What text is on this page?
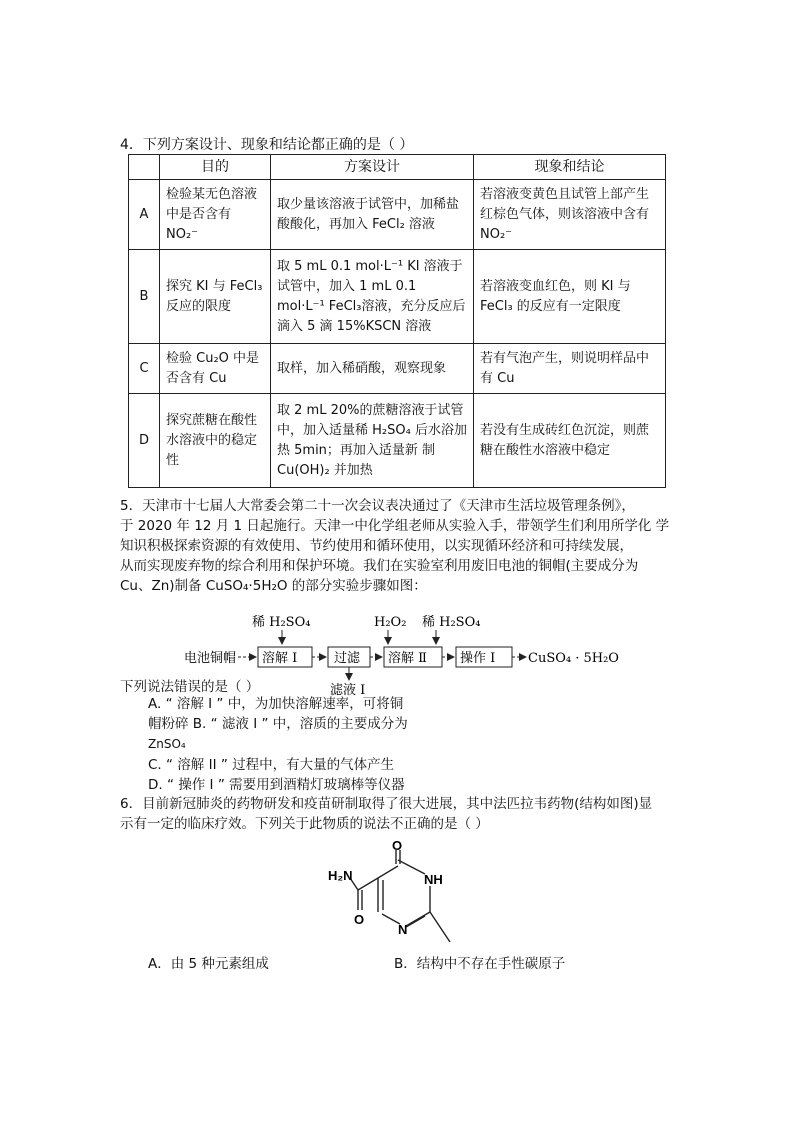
4．下列方案设计、现象和结论都正确的是（ ）
	目的	方案设计	现象和结论
A	检验某无色溶液中是否含有 NO₂⁻	取少量该溶液于试管中，加稀盐酸酸化，再加入 FeCl₂ 溶液	若溶液变黄色且试管上部产生红棕色气体，则该溶液中含有 NO₂⁻
B	探究 KI 与 FeCl₃ 反应的限度	取 5 mL 0.1 mol·L⁻¹ KI 溶液于试管中，加入 1 mL 0.1 mol·L⁻¹ FeCl₃溶液，充分反应后滴入 5 滴 15%KSCN 溶液	若溶液变血红色，则 KI 与 FeCl₃ 的反应有一定限度
C	检验 Cu₂O 中是否含有 Cu	取样，加入稀硝酸，观察现象	若有气泡产生，则说明样品中有 Cu
D	探究蔗糖在酸性水溶液中的稳定性	取 2 mL 20%的蔗糖溶液于试管中，加入适量稀 H₂SO₄ 后水浴加热 5min；再加入适量新 制 Cu(OH)₂ 并加热	若没有生成砖红色沉淀，则蔗糖在酸性水溶液中稳定
5．天津市十七届人大常委会第二十一次会议表决通过了《天津市生活垃圾管理条例》，
于 2020 年 12 月 1 日起施行。天津一中化学组老师从实验入手，带领学生们利用所学化 学
知识积极探索资源的有效使用、节约使用和循环使用，以实现循环经济和可持续发展，
从而实现废弃物的综合利用和保护环境。我们在实验室利用废旧电池的铜帽(主要成分为
Cu、Zn)制备 CuSO₄·5H₂O 的部分实验步骤如图：
稀 H₂SO₄	H₂O₂ 稀 H₂SO₄
电池铜帽 溶解 Ⅰ	过滤 溶解 Ⅱ	操作 Ⅰ	CuSO₄ · 5H₂O
滤液 Ⅰ
下列说法错误的是（ ）
A. “ 溶解 Ⅰ ” 中，为加快溶解速率，可将铜
帽粉碎 B. “ 滤液 Ⅰ ” 中，溶质的主要成分为
ZnSO₄
C. “ 溶解 II ” 过程中，有大量的气体产生
D. “ 操作 Ⅰ ” 需要用到酒精灯玻璃棒等仪器
6．目前新冠肺炎的药物研发和疫苗研制取得了很大进展，其中法匹拉韦药物(结构如图)显
示有一定的临床疗效。下列关于此物质的说法不正确的是（ ）
O
NH
H₂N
N
O
A．由 5 种元素组成	B．结构中不存在手性碳原子
